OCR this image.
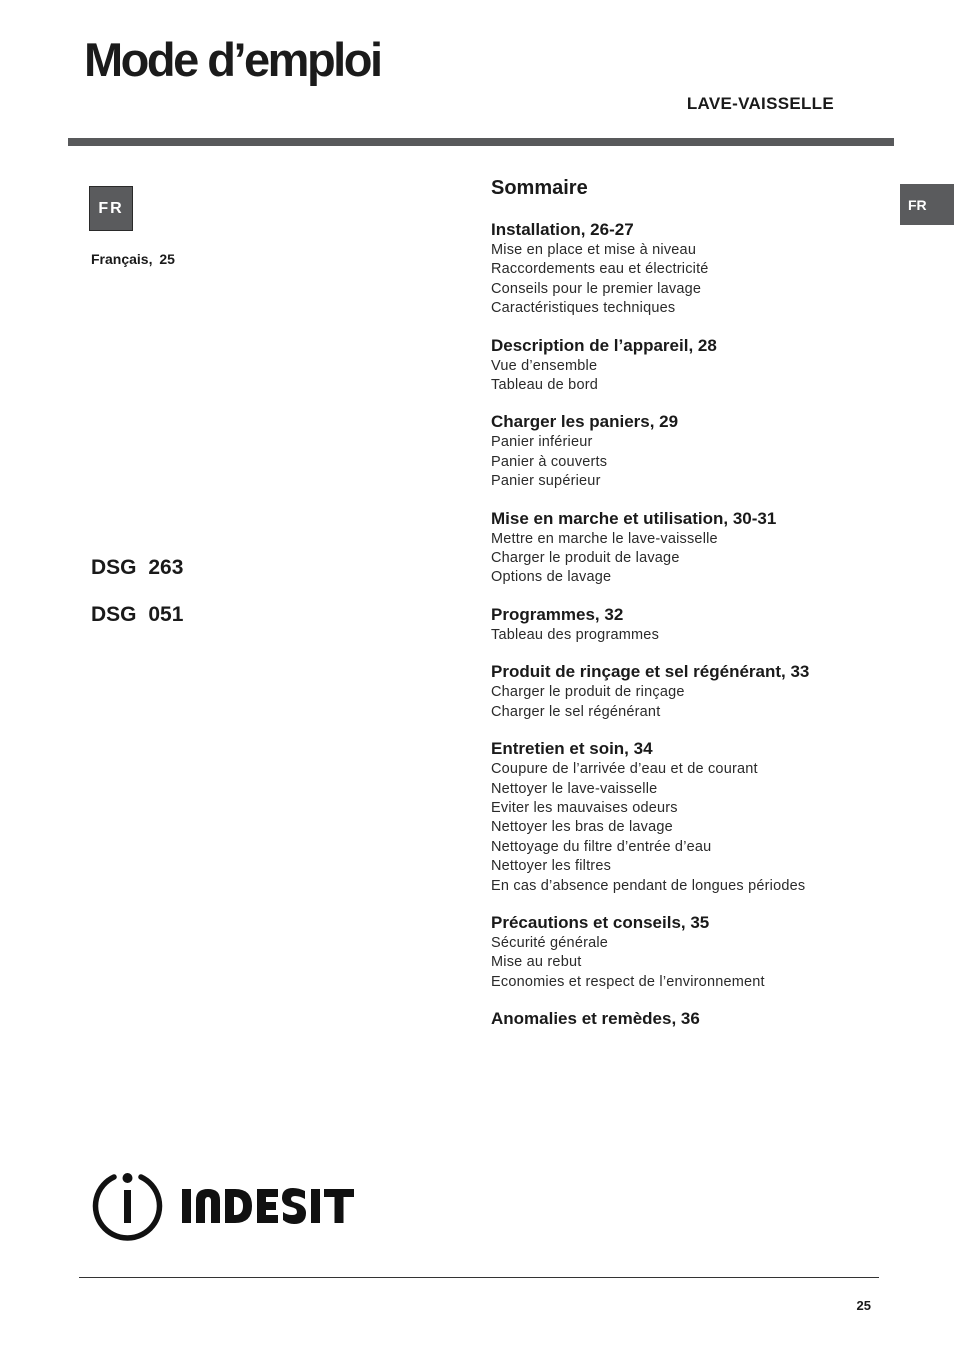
Mode d’emploi
LAVE-VAISSELLE
FR
Français, 25
DSG 263
DSG 051
FR
Sommaire
Installation, 26-27
Mise en place et mise à niveau
Raccordements eau et électricité
Conseils pour le premier lavage
Caractéristiques techniques
Description de l’appareil, 28
Vue d’ensemble
Tableau de bord
Charger les paniers, 29
Panier inférieur
Panier à couverts
Panier supérieur
Mise en marche et utilisation, 30-31
Mettre en marche le lave-vaisselle
Charger le produit de lavage
Options de lavage
Programmes, 32
Tableau des programmes
Produit de rinçage et sel régénérant, 33
Charger le produit de rinçage
Charger le sel régénérant
Entretien et soin, 34
Coupure de l’arrivée d’eau et de courant
Nettoyer le lave-vaisselle
Eviter les mauvaises odeurs
Nettoyer les bras de lavage
Nettoyage du filtre d’entrée d’eau
Nettoyer les filtres
En cas d’absence pendant de longues périodes
Précautions et conseils, 35
Sécurité générale
Mise au rebut
Economies et respect de l’environnement
Anomalies et remèdes, 36
25
